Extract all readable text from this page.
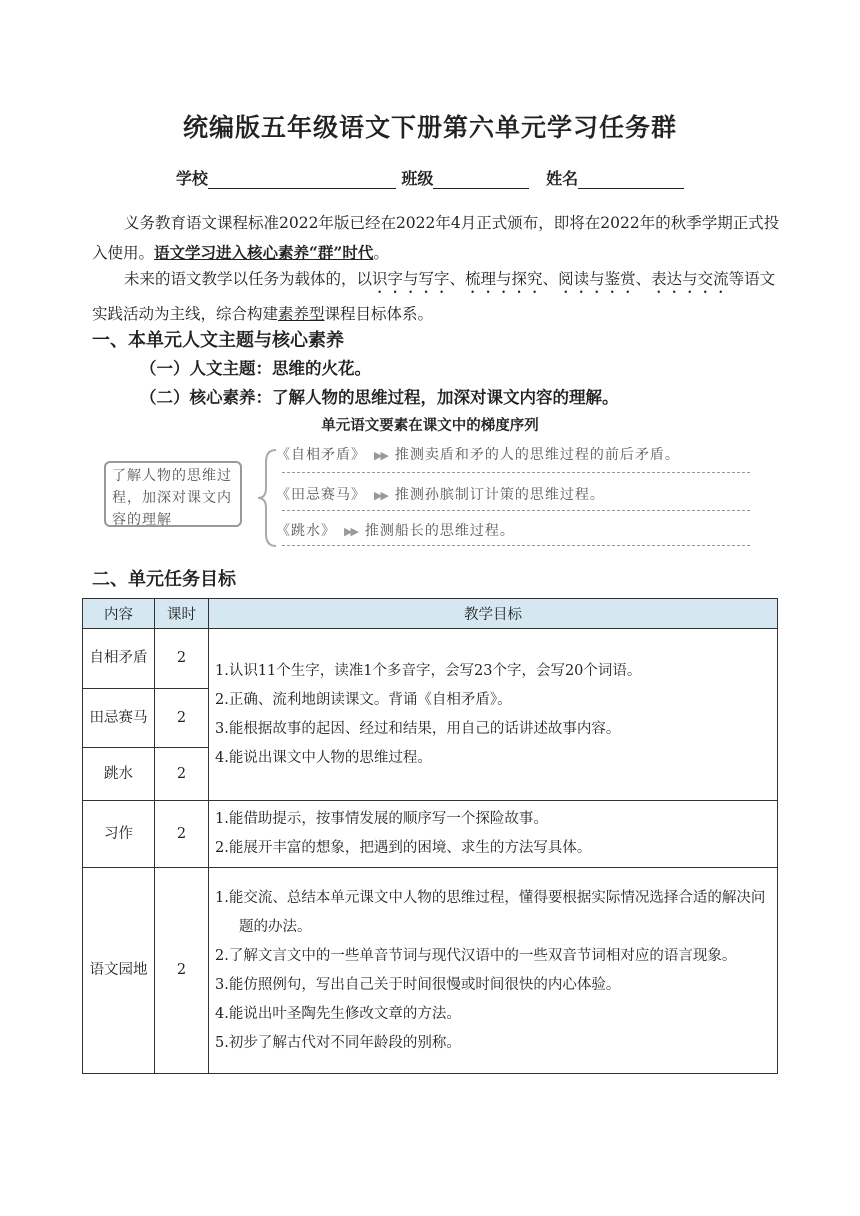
统编版五年级语文下册第六单元学习任务群
学校	班级	姓名
义务教育语文课程标准2022年版已经在2022年4月正式颁布，即将在2022年的秋季学期正式投入使用。语文学习进入核心素养“群”时代。
未来的语文教学以任务为载体的，以识字与写字、梳理与探究、阅读与鉴赏、表达与交流等语文实践活动为主线，综合构建素养型课程目标体系。
一、本单元人文主题与核心素养
（一）人文主题：思维的火花。
（二）核心素养：了解人物的思维过程，加深对课文内容的理解。
单元语文要素在课文中的梯度序列
了解人物的思维过程，加深对课文内容的理解
《自相矛盾》 ▶▶ 推测卖盾和矛的人的思维过程的前后矛盾。
《田忌赛马》 ▶▶ 推测孙膑制订计策的思维过程。
《跳水》 ▶▶ 推测船长的思维过程。
二、单元任务目标
内容	课时	教学目标
自相矛盾	2	1.认识11个生字，读准1个多音字，会写23个字，会写20个词语。
2.正确、流利地朗读课文。背诵《自相矛盾》。
3.能根据故事的起因、经过和结果，用自己的话讲述故事内容。
4.能说出课文中人物的思维过程。

田忌赛马	2	
跳水	2	
习作	2	1.能借助提示，按事情发展的顺序写一个探险故事。
2.能展开丰富的想象，把遇到的困境、求生的方法写具体。

语文园地	2	1.能交流、总结本单元课文中人物的思维过程，懂得要根据实际情况选择合适的解决问题的办法。
2.了解文言文中的一些单音节词与现代汉语中的一些双音节词相对应的语言现象。
3.能仿照例句，写出自己关于时间很慢或时间很快的内心体验。
4.能说出叶圣陶先生修改文章的方法。
5.初步了解古代对不同年龄段的别称。
